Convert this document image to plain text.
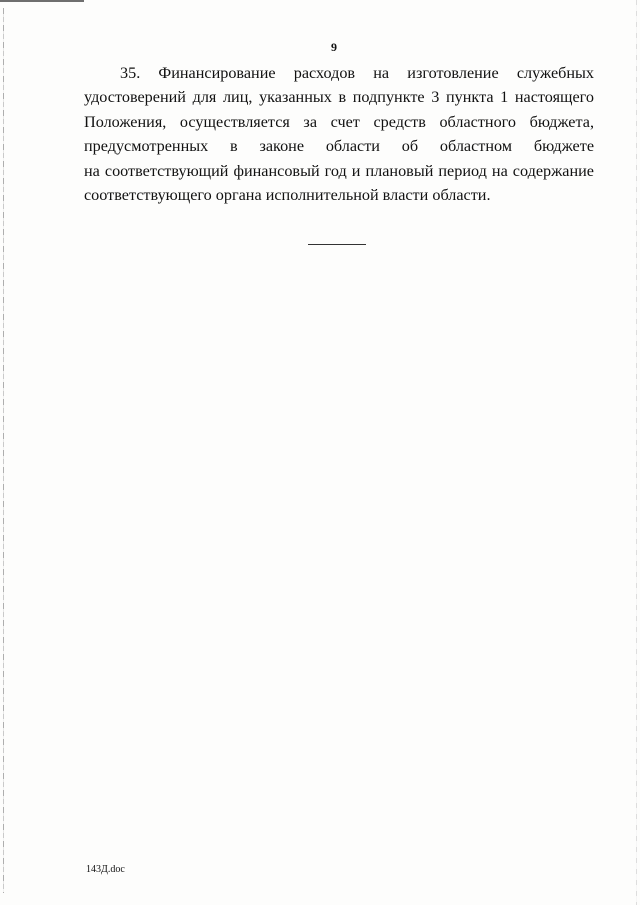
9

35. Финансирование расходов на изготовление служебных
удостоверений для лиц, указанных в подпункте 3 пункта 1 настоящего
Положения, осуществляется за счет средств областного бюджета,
предусмотренных в законе области об областном бюджете
на соответствующий финансовый год и плановый период на содержание
соответствующего органа исполнительной власти области.

143Д.doc
